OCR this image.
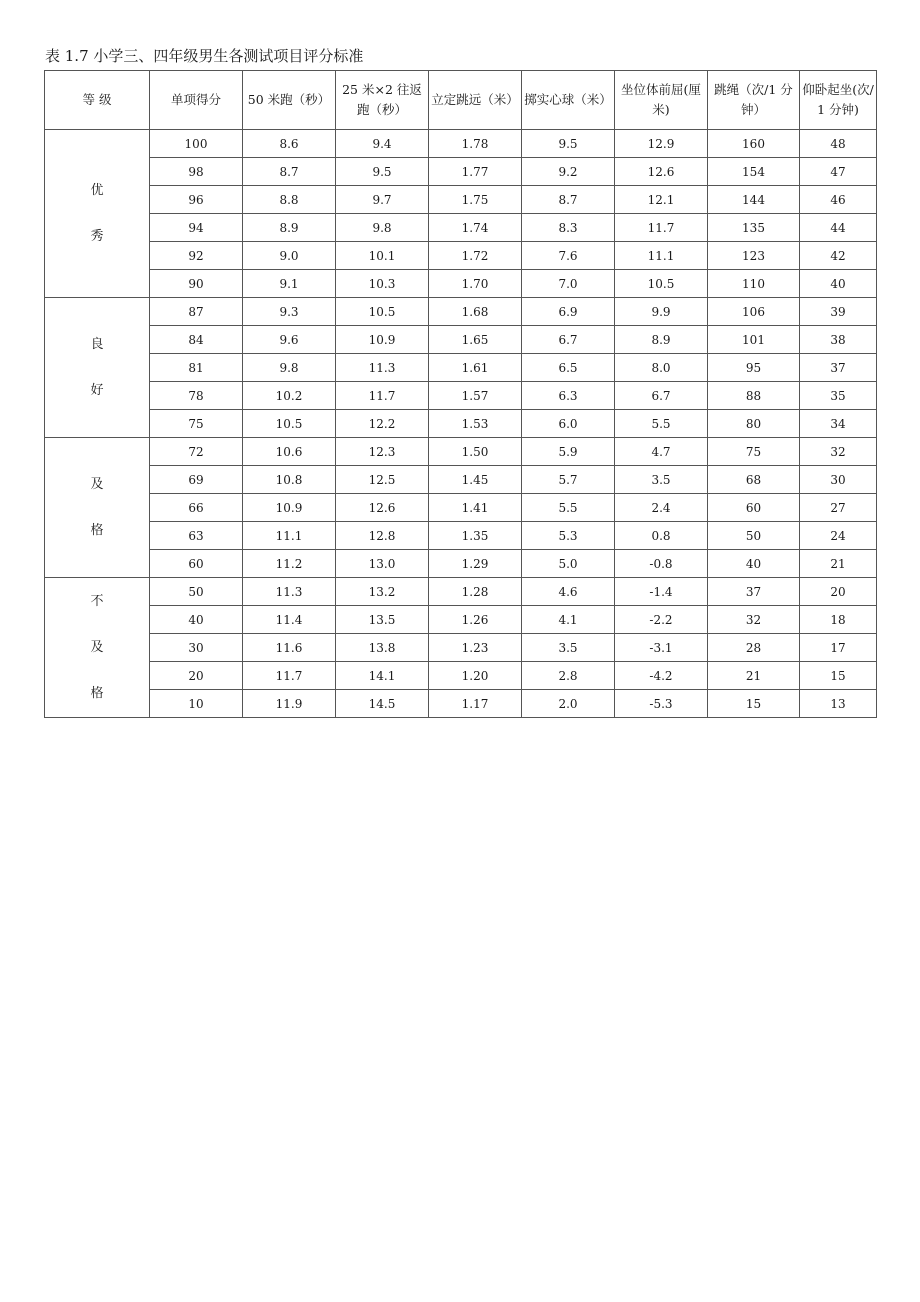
表 1.7 小学三、四年级男生各测试项目评分标准
等 级	单项得分	50 米跑（秒）	25 米×2 往返跑（秒）	立定跳远（米）	掷实心球（米）	坐位体前屈(厘米)	跳绳（次/1 分钟）	仰卧起坐(次/1 分钟)

优
秀	100	8.6	9.4	1.78	9.5	12.9	160	48
	98	8.7	9.5	1.77	9.2	12.6	154	47
	96	8.8	9.7	1.75	8.7	12.1	144	46
	94	8.9	9.8	1.74	8.3	11.7	135	44
	92	9.0	10.1	1.72	7.6	11.1	123	42
	90	9.1	10.3	1.70	7.0	10.5	110	40

良
好	87	9.3	10.5	1.68	6.9	9.9	106	39
	84	9.6	10.9	1.65	6.7	8.9	101	38
	81	9.8	11.3	1.61	6.5	8.0	95	37
	78	10.2	11.7	1.57	6.3	6.7	88	35
	75	10.5	12.2	1.53	6.0	5.5	80	34

及
格	72	10.6	12.3	1.50	5.9	4.7	75	32
	69	10.8	12.5	1.45	5.7	3.5	68	30
	66	10.9	12.6	1.41	5.5	2.4	60	27
	63	11.1	12.8	1.35	5.3	0.8	50	24
	60	11.2	13.0	1.29	5.0	-0.8	40	21

不
及
格	50	11.3	13.2	1.28	4.6	-1.4	37	20
	40	11.4	13.5	1.26	4.1	-2.2	32	18
	30	11.6	13.8	1.23	3.5	-3.1	28	17
	20	11.7	14.1	1.20	2.8	-4.2	21	15
	10	11.9	14.5	1.17	2.0	-5.3	15	13
